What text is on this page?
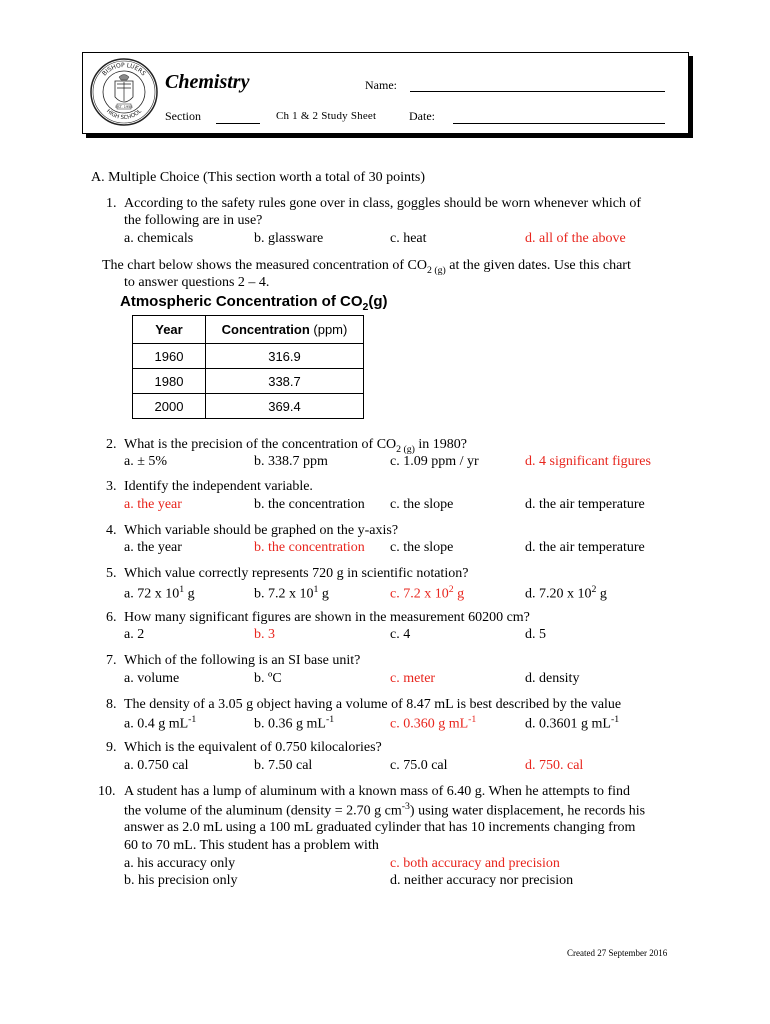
BISHOP LUERS
HIGH SCHOOL
EST. 1958
Chemistry	Name:
Section	Ch 1 & 2 Study Sheet	Date:
A. Multiple Choice (This section worth a total of 30 points)
1. According to the safety rules gone over in class, goggles should be worn whenever which of
the following are in use?
a. chemicals	b. glassware	c. heat	d. all of the above
The chart below shows the measured concentration of $CO_{2 (g)}$ at the given dates. Use this chart
to answer questions 2 – 4.
Atmospheric Concentration of $CO_2(g)$
Year	Concentration (ppm)
1960	316.9
1980	338.7
2000	369.4
2. What is the precision of the concentration of $CO_{2 (g)}$ in 1980?
a. ± 5%	b. 338.7 ppm	c. 1.09 ppm / yr	d. 4 significant figures
3. Identify the independent variable.
a. the year	b. the concentration c. the slope	d. the air temperature
4. Which variable should be graphed on the y-axis?
a. the year	b. the concentration c. the slope	d. the air temperature
5. Which value correctly represents 720 g in scientific notation?
a. 72 x $10^1$ g	b. 7.2 x $10^1$ g	c. 7.2 x $10^2$ g	d. 7.20 x $10^2$ g
6. How many significant figures are shown in the measurement 60200 cm?
a. 2	b. 3	c. 4	d. 5
7. Which of the following is an SI base unit?
a. volume	b. ºC	c. meter	d. density
8. The density of a 3.05 g object having a volume of 8.47 mL is best described by the value
a. 0.4 g $mL^{-1}$	b. 0.36 g $mL^{-1}$	c. 0.360 g $mL^{-1}$	d. 0.3601 g $mL^{-1}$
9. Which is the equivalent of 0.750 kilocalories?
a. 0.750 cal	b. 7.50 cal	c. 75.0 cal	d. 750. cal
10. A student has a lump of aluminum with a known mass of 6.40 g. When he attempts to find
the volume of the aluminum (density = 2.70 g $cm^{-3}$) using water displacement, he records his
answer as 2.0 mL using a 100 mL graduated cylinder that has 10 increments changing from
60 to 70 mL. This student has a problem with
a. his accuracy only	c. both accuracy and precision
b. his precision only	d. neither accuracy nor precision
Created 27 September 2016
